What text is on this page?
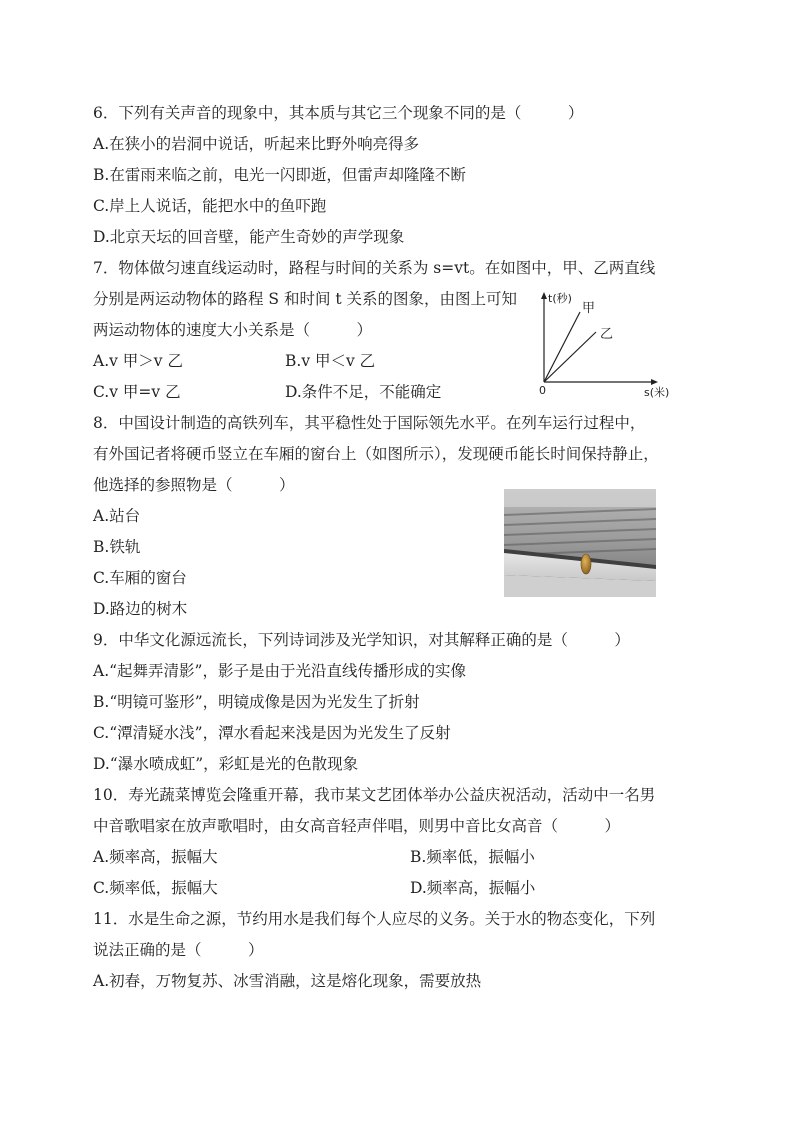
6．下列有关声音的现象中，其本质与其它三个现象不同的是（　　　）
A.在狭小的岩洞中说话，听起来比野外响亮得多
B.在雷雨来临之前，电光一闪即逝，但雷声却隆隆不断
C.岸上人说话，能把水中的鱼吓跑
D.北京天坛的回音壁，能产生奇妙的声学现象
7．物体做匀速直线运动时，路程与时间的关系为 s=vt。在如图中，甲、乙两直线
分别是两运动物体的路程 S 和时间 t 关系的图象，由图上可知
两运动物体的速度大小关系是（　　　）
A.v 甲＞v 乙	B.v 甲＜v 乙
C.v 甲=v 乙	D.条件不足，不能确定
t(秒)
s(米)
0
甲
乙
8．中国设计制造的高铁列车，其平稳性处于国际领先水平。在列车运行过程中，
有外国记者将硬币竖立在车厢的窗台上（如图所示），发现硬币能长时间保持静止，
他选择的参照物是（　　　）
A.站台
B.铁轨
C.车厢的窗台
D.路边的树木
9．中华文化源远流长，下列诗词涉及光学知识，对其解释正确的是（　　　）
A.“起舞弄清影”，影子是由于光沿直线传播形成的实像
B.“明镜可鉴形”，明镜成像是因为光发生了折射
C.“潭清疑水浅”，潭水看起来浅是因为光发生了反射
D.“瀑水喷成虹”，彩虹是光的色散现象
10．寿光蔬菜博览会隆重开幕，我市某文艺团体举办公益庆祝活动，活动中一名男
中音歌唱家在放声歌唱时，由女高音轻声伴唱，则男中音比女高音（　　　）
A.频率高，振幅大	B.频率低，振幅小
C.频率低，振幅大	D.频率高，振幅小
11．水是生命之源，节约用水是我们每个人应尽的义务。关于水的物态变化，下列
说法正确的是（　　　）
A.初春，万物复苏、冰雪消融，这是熔化现象，需要放热
